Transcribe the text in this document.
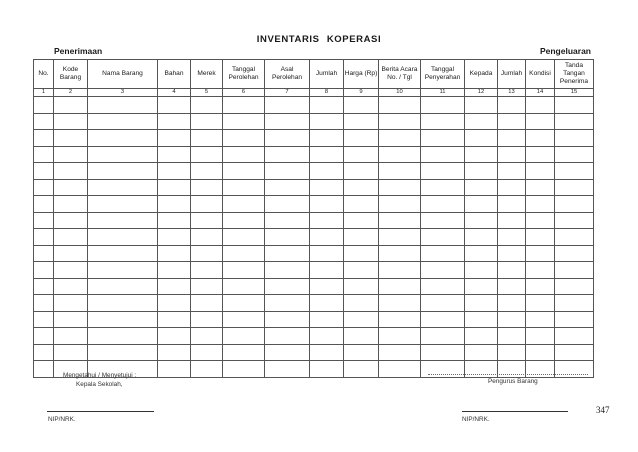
INVENTARIS KOPERASI
Penerimaan	Pengeluaran
No.	Kode Barang	Nama Barang	Bahan	Merek	Tanggal Perolehan	Asal Perolehan	Jumlah	Harga (Rp)	Berita Acara No. / Tgl	Tanggal Penyerahan	Kepada	Jumlah	Kondisi	Tanda Tangan Penerima
1	2	3	4	5	6	7	8	9	10	11	12	13	14	15

Mengetahui / Menyetujui :
Kepala Sekolah,	Pengurus Barang
NIP/NRK.	NIP/NRK.
347
